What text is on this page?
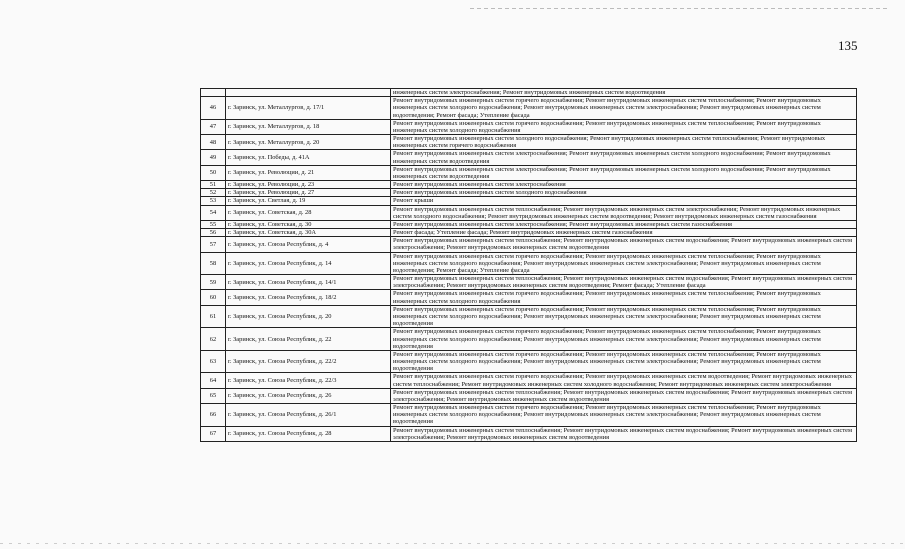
135
		инженерных систем электроснабжения; Ремонт внутридомовых инженерных систем водоотведения
46	г. Заринск, ул. Металлургов, д. 17/1	Ремонт внутридомовых инженерных систем горячего водоснабжения; Ремонт внутридомовых инженерных систем теплоснабжения; Ремонт внутридомовых инженерных систем холодного водоснабжения; Ремонт внутридомовых инженерных систем электроснабжения; Ремонт внутридомовых инженерных систем водоотведения; Ремонт фасада; Утепление фасада
47	г. Заринск, ул. Металлургов, д. 18	Ремонт внутридомовых инженерных систем горячего водоснабжения; Ремонт внутридомовых инженерных систем теплоснабжения; Ремонт внутридомовых инженерных систем холодного водоснабжения
48	г. Заринск, ул. Металлургов, д. 20	Ремонт внутридомовых инженерных систем холодного водоснабжения; Ремонт внутридомовых инженерных систем теплоснабжения; Ремонт внутридомовых инженерных систем горячего водоснабжения
49	г. Заринск, ул. Победы, д. 41А	Ремонт внутридомовых инженерных систем электроснабжения; Ремонт внутридомовых инженерных систем холодного водоснабжения; Ремонт внутридомовых инженерных систем водоотведения
50	г. Заринск, ул. Революции, д. 21	Ремонт внутридомовых инженерных систем электроснабжения; Ремонт внутридомовых инженерных систем холодного водоснабжения; Ремонт внутридомовых инженерных систем водоотведения
51	г. Заринск, ул. Революции, д. 23	Ремонт внутридомовых инженерных систем электроснабжения
52	г. Заринск, ул. Революции, д. 27	Ремонт внутридомовых инженерных систем холодного водоснабжения
53	г. Заринск, ул. Светлая, д. 19	Ремонт крыши
54	г. Заринск, ул. Советская, д. 28	Ремонт внутридомовых инженерных систем теплоснабжения; Ремонт внутридомовых инженерных систем электроснабжения; Ремонт внутридомовых инженерных систем холодного водоснабжения; Ремонт внутридомовых инженерных систем водоотведения; Ремонт внутридомовых инженерных систем газоснабжения
55	г. Заринск, ул. Советская, д. 30	Ремонт внутридомовых инженерных систем электроснабжения; Ремонт внутридомовых инженерных систем газоснабжения
56	г. Заринск, ул. Советская, д. 30А	Ремонт фасада; Утепление фасада; Ремонт внутридомовых инженерных систем газоснабжения
57	г. Заринск, ул. Союза Республик, д. 4	Ремонт внутридомовых инженерных систем теплоснабжения; Ремонт внутридомовых инженерных систем водоснабжения; Ремонт внутридомовых инженерных систем электроснабжения; Ремонт внутридомовых инженерных систем водоотведения
58	г. Заринск, ул. Союза Республик, д. 14	Ремонт внутридомовых инженерных систем горячего водоснабжения; Ремонт внутридомовых инженерных систем теплоснабжения; Ремонт внутридомовых инженерных систем холодного водоснабжения; Ремонт внутридомовых инженерных систем электроснабжения; Ремонт внутридомовых инженерных систем водоотведения; Ремонт фасада; Утепление фасада
59	г. Заринск, ул. Союза Республик, д. 14/1	Ремонт внутридомовых инженерных систем теплоснабжения; Ремонт внутридомовых инженерных систем водоснабжения; Ремонт внутридомовых инженерных систем электроснабжения; Ремонт внутридомовых инженерных систем водоотведения; Ремонт фасада; Утепление фасада
60	г. Заринск, ул. Союза Республик, д. 18/2	Ремонт внутридомовых инженерных систем горячего водоснабжения; Ремонт внутридомовых инженерных систем теплоснабжения; Ремонт внутридомовых инженерных систем холодного водоснабжения
61	г. Заринск, ул. Союза Республик, д. 20	Ремонт внутридомовых инженерных систем горячего водоснабжения; Ремонт внутридомовых инженерных систем теплоснабжения; Ремонт внутридомовых инженерных систем холодного водоснабжения; Ремонт внутридомовых инженерных систем электроснабжения; Ремонт внутридомовых инженерных систем водоотведения
62	г. Заринск, ул. Союза Республик, д. 22	Ремонт внутридомовых инженерных систем горячего водоснабжения; Ремонт внутридомовых инженерных систем теплоснабжения; Ремонт внутридомовых инженерных систем холодного водоснабжения; Ремонт внутридомовых инженерных систем электроснабжения; Ремонт внутридомовых инженерных систем водоотведения
63	г. Заринск, ул. Союза Республик, д. 22/2	Ремонт внутридомовых инженерных систем горячего водоснабжения; Ремонт внутридомовых инженерных систем теплоснабжения; Ремонт внутридомовых инженерных систем холодного водоснабжения; Ремонт внутридомовых инженерных систем электроснабжения; Ремонт внутридомовых инженерных систем водоотведения
64	г. Заринск, ул. Союза Республик, д. 22/3	Ремонт внутридомовых инженерных систем горячего водоснабжения; Ремонт внутридомовых инженерных систем водоотведения; Ремонт внутридомовых инженерных систем теплоснабжения; Ремонт внутридомовых инженерных систем холодного водоснабжения; Ремонт внутридомовых инженерных систем электроснабжения
65	г. Заринск, ул. Союза Республик, д. 26	Ремонт внутридомовых инженерных систем теплоснабжения; Ремонт внутридомовых инженерных систем водоснабжения; Ремонт внутридомовых инженерных систем электроснабжения; Ремонт внутридомовых инженерных систем водоотведения
66	г. Заринск, ул. Союза Республик, д. 26/1	Ремонт внутридомовых инженерных систем горячего водоснабжения; Ремонт внутридомовых инженерных систем теплоснабжения; Ремонт внутридомовых инженерных систем холодного водоснабжения; Ремонт внутридомовых инженерных систем электроснабжения; Ремонт внутридомовых инженерных систем водоотведения
67	г. Заринск, ул. Союза Республик, д. 28	Ремонт внутридомовых инженерных систем теплоснабжения; Ремонт внутридомовых инженерных систем водоснабжения; Ремонт внутридомовых инженерных систем электроснабжения; Ремонт внутридомовых инженерных систем водоотведения
